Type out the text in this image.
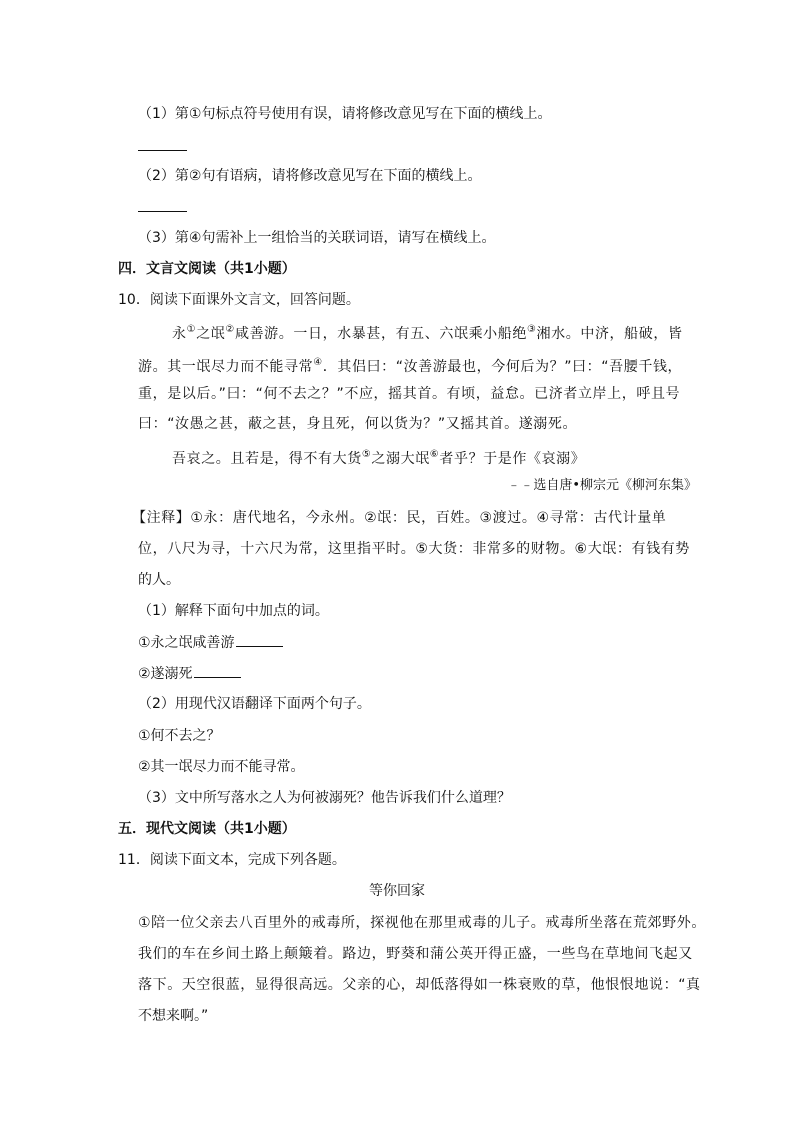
（1）第①句标点符号使用有误，请将修改意见写在下面的横线上。
（2）第②句有语病，请将修改意见写在下面的横线上。
（3）第④句需补上一组恰当的关联词语，请写在横线上。
四．文言文阅读（共1小题）
10．阅读下面课外文言文，回答问题。
永①之氓②咸善游。一日，水暴甚，有五、六氓乘小船绝③湘水。中济，船破，皆
游。其一氓尽力而不能寻常④．其侣曰：“汝善游最也，今何后为？”曰：“吾腰千钱，
重，是以后。”曰：“何不去之？”不应，摇其首。有顷，益怠。已济者立岸上，呼且号
曰：“汝愚之甚，蔽之甚，身且死，何以货为？”又摇其首。遂溺死。
吾哀之。且若是，得不有大货⑤之溺大氓⑥者乎？于是作《哀溺》
﹣﹣选自唐•柳宗元《柳河东集》
【注释】①永：唐代地名，今永州。②氓：民，百姓。③渡过。④寻常：古代计量单
位，八尺为寻，十六尺为常，这里指平时。⑤大货：非常多的财物。⑥大氓：有钱有势
的人。
（1）解释下面句中加点的词。
①永之氓咸善游
②遂溺死
（2）用现代汉语翻译下面两个句子。
①何不去之？
②其一氓尽力而不能寻常。
（3）文中所写落水之人为何被溺死？他告诉我们什么道理？
五．现代文阅读（共1小题）
11．阅读下面文本，完成下列各题。
等你回家
①陪一位父亲去八百里外的戒毒所，探视他在那里戒毒的儿子。戒毒所坐落在荒郊野外。
我们的车在乡间土路上颠簸着。路边，野葵和蒲公英开得正盛，一些鸟在草地间飞起又
落下。天空很蓝，显得很高远。父亲的心，却低落得如一株衰败的草，他恨恨地说：“真
不想来啊。”
